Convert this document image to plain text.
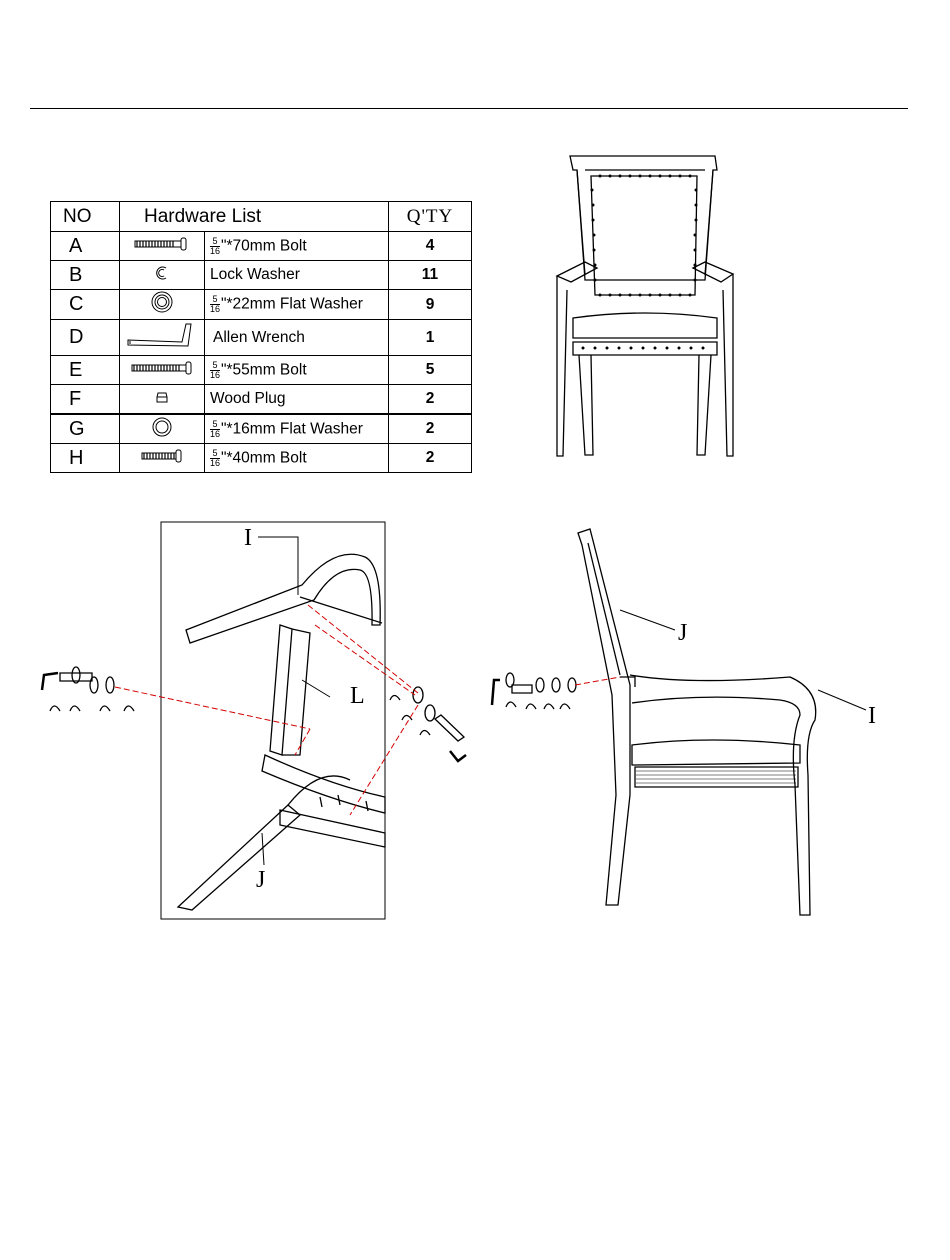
NO	Hardware List		Q'TY
A		$\frac{5}{16}$ "*70mm Bolt	4
B		Lock Washer	11
C		$\frac{5}{16}$ "*22mm Flat Washer	9
D		Allen Wrench	1
E		$\frac{5}{16}$ "*55mm Bolt	5
F		Wood Plug	2
G		$\frac{5}{16}$ "*16mm Flat Washer	2
H		$\frac{5}{16}$ "*40mm Bolt	2
I
L
J
J
I
